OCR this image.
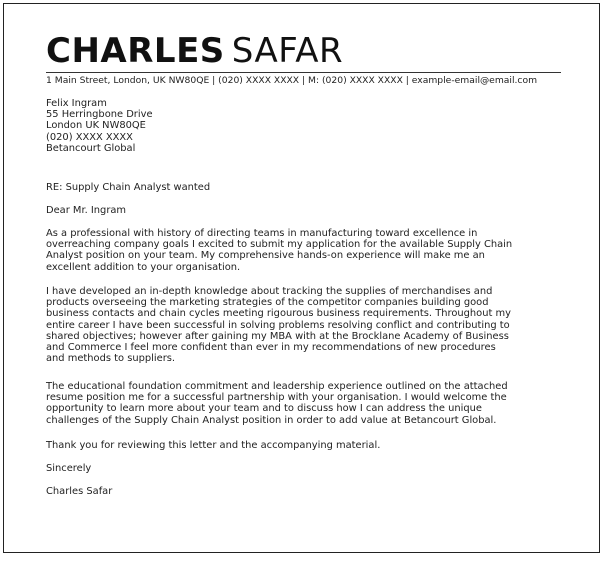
CHARLES SAFAR
1 Main Street, London, UK NW80QE | (020) XXXX XXXX | M: (020) XXXX XXXX | example-email@email.com
Felix Ingram
55 Herringbone Drive
London UK NW80QE
(020) XXXX XXXX
Betancourt Global
RE: Supply Chain Analyst wanted
Dear Mr. Ingram
As a professional with history of directing teams in manufacturing toward excellence in
overreaching company goals I excited to submit my application for the available Supply Chain
Analyst position on your team. My comprehensive hands-on experience will make me an
excellent addition to your organisation.
I have developed an in-depth knowledge about tracking the supplies of merchandises and
products overseeing the marketing strategies of the competitor companies building good
business contacts and chain cycles meeting rigourous business requirements. Throughout my
entire career I have been successful in solving problems resolving conflict and contributing to
shared objectives; however after gaining my MBA with at the Brocklane Academy of Business
and Commerce I feel more confident than ever in my recommendations of new procedures
and methods to suppliers.
The educational foundation commitment and leadership experience outlined on the attached
resume position me for a successful partnership with your organisation. I would welcome the
opportunity to learn more about your team and to discuss how I can address the unique
challenges of the Supply Chain Analyst position in order to add value at Betancourt Global.
Thank you for reviewing this letter and the accompanying material.
Sincerely
Charles Safar
